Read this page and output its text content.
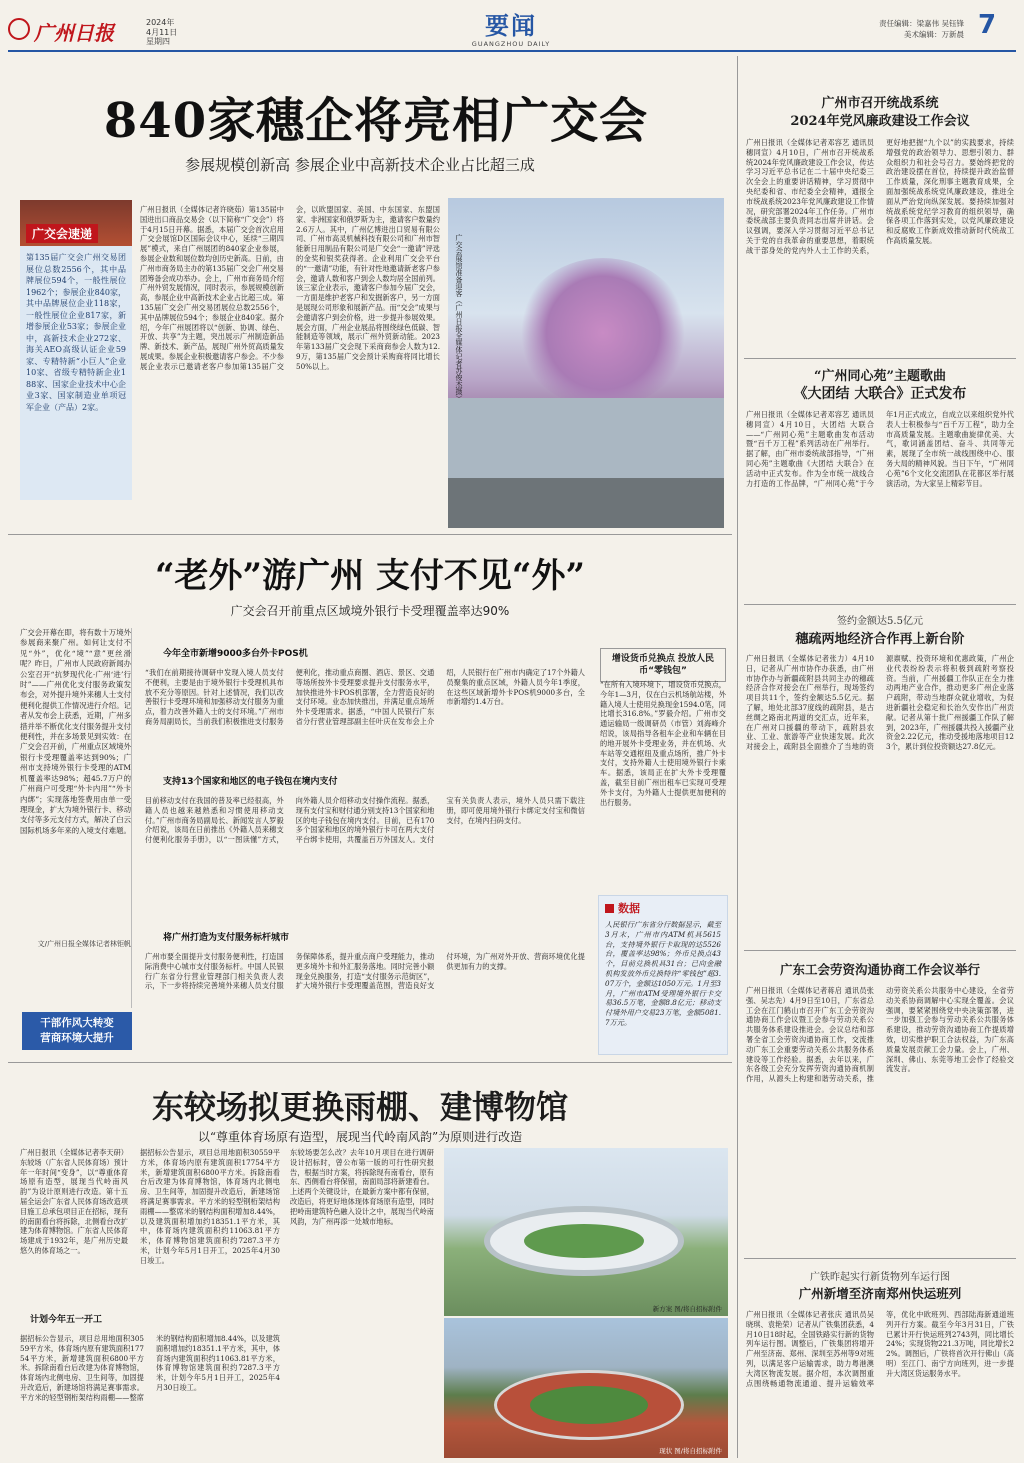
广州日报	2024年
4月11日
星期四
要闻
GUANGZHOU DAILY
责任编辑：梁嘉伟 吴钰锋
美术编辑：万新晨 7
840家穗企将亮相广交会
参展规模创新高 参展企业中高新技术企业占比超三成
广交会速递
第135届广交会广州交易团展位总数2556个，其中品牌展位594个，一般性展位1962个；参展企业840家，其中品牌展位企业118家，一般性展位企业817家，新增参展企业53家；参展企业中，高新技术企业272家、海关AEO高级认证企业59家、专精特新“小巨人”企业10家、省级专精特新企业188家、国家企业技术中心企业3家、国家制造业单项冠军企业（产品）2家。
广州日报讯（全媒体记者许晓茹）第135届中国进出口商品交易会（以下简称“广交会”）将于4月15日开幕。据悉，本届广交会首次启用广交会展馆D区国际会议中心，延续“三期四展”模式，来自广州展团的840家企业参展，参展企业数和展位数均创历史新高。日前，由广州市商务局主办的第135届广交会广州交易团筹备会成功举办。会上，广州市商务局介绍广州外贸发展情况，同时表示，参展规模创新高，参展企业中高新技术企业占比超三成。第135届广交会广州交易团展位总数2556个，其中品牌展位594个；参展企业840家。据介绍，今年广州展团将以“创新、协调、绿色、开放、共享”为主题，突出展示广州制造新品牌、新技术、新产品，展现广州外贸高质量发展成果。参展企业积极邀请客户参会。不少参展企业表示已邀请老客户参加第135届广交会，以欧盟国家、美国、中东国家、东盟国家、非洲国家和俄罗斯为主，邀请客户数量约2.6万人。其中，广州亿博进出口贸易有限公司、广州市高灵机械科技有限公司和广州市智能新日用制品有限公司是广交会“一邀请”评选的金奖和银奖获得者。企业利用广交会平台的“一邀请”功能，有针对性地邀请新老客户参会，邀请人数和客户到会人数均居全国前列。该三家企业表示，邀请客户参加今届广交会，一方面是维护老客户和发掘新客户，另一方面是展现公司形象和展新产品。而“交会”成果与会邀请客户到会价格，进一步提升参展效果。展会方面，广州企业展品将围绕绿色低碳、智能制造等领域，展示广州外贸新动能。2023年第133届广交会现下采商商参会人数为12.9万，第135届广交会预计采购商将同比增长50%以上。	广交会展馆准备迎客（广州日报全媒体记者苏俊杰摄）
“老外”游广州 支付不见“外”
广交会召开前重点区域境外银行卡受理覆盖率达90%
广交会开幕在即，将有数十万境外参展商来聚广州。如何让支付不见“外”，优化“境”“意”更丝滑呢？昨日，广州市人民政府新闻办公室召开“抗梦现代化·广州‘进’行时”——广州优化支付服务政策发布会，对外提升境外来穗人士支付便利化提供工作情况进行介绍。记者从发布会上获悉，近期，广州多措并举不断优化支付服务提升支付便利性，并在多场景见到实效：在广交会召开前，广州重点区域境外银行卡受理覆盖率达到90%；广州市支持境外银行卡受理的ATM机覆盖率达98%；超45.7万户的广州商户可受理“外卡内用”“外卡内绑”；实现落地签费用由单一受理现金，扩大为境外银行卡、移动支付等多元支付方式，解决了白云国际机场多年来的入境支付难题。
文/广州日报全媒体记者林钜帆
干部作风大转变
营商环境大提升
今年全市新增9000多台外卡POS机
“我们在前期接待调研中发现入境人员支付不便利，主要是由于境外银行卡受理机具布放不充分等原因。针对上述情况，我们以改善银行卡受理环境和加强移动支付服务为重点，着力改善外籍人士的支付环境。”广州市商务局副局长，当前我们积极推进支付服务便利化，推动重点商圈、酒店、景区、交通等场所按外卡受理要求提升支付服务水平，加快推进外卡POS机部署，全力营造良好的支付环境。业态加快推出，并满足重点场所外卡受理需求。据悉，“中国人民银行广东省分行营业管理部副主任叶庆在发布会上介绍，人民银行在广州市内确定了17个外籍人员聚集的重点区域，外籍人员今年1季度，在这些区域新增外卡POS机9000多台，全市新增约1.4万台。
支持13个国家和地区的电子钱包在境内支付
目前移动支付在我国的普及率已经很高，外籍人员也越来越熟悉和习惯使用移动支付。”广州市商务局副局长、新闻发言人罗毅介绍说，该局在日前推出《外籍人员来穗支付便利化服务手册》，以“一图读懂”方式，向外籍人员介绍移动支付操作流程。据悉，现有支付宝和财付通分别支持13个国家和地区的电子钱包在境内支付。目前，已有170多个国家和地区的境外银行卡可在两大支付平台绑卡使用，共覆盖百万外国友人。支付宝有关负责人表示，境外人员只需下载注册，即可使用境外银行卡绑定支付宝和微信支付，在境内扫码支付。
将广州打造为支付服务标杆城市
广州市要全面提升支付服务便利性，打造国际消费中心城市支付服务标杆。中国人民银行广东省分行营业管理部门相关负责人表示，下一步将持续完善境外来穗人员支付服务保障体系，提升重点商户受理能力，推动更多境外卡和外汇服务落地。同时完善小额现金兑换服务，打造“支付服务示范街区”，扩大境外银行卡受理覆盖范围，营造良好支付环境，为广州对外开放、营商环境优化提供更加有力的支撑。
增设货币兑换点 投放人民币“零钱包”
“在所有入境环境下，增设货币兑换点，今年1—3月，仅在白云机场航站楼，外籍入境人士使用兑换现金1594.0笔，同比增长316.8%。”罗毅介绍。广州市交通运输局一级调研员（市管）刘海峰介绍说，该局指导各租车企业和车辆在目的地开展外卡受理业务，并在机场、火车站等交通枢纽及重点场所，推广外卡支付，支持外籍人士使用境外银行卡乘车。据悉，该局正在扩大外卡受理覆盖，截至目前广州出租车已实现可受理外卡支付，为外籍人士提供更加便利的出行服务。
数据
人民银行广东省分行数据显示，截至3月末，广州市内ATM机具5615台，支持境外银行卡取现的达5526台，覆盖率达98%；外币兑换点43个，目前兑换机具31台；已向金融机构发放外币兑换特许“零钱包”超3.07万个，金额达1050万元。1月至3月，广州市ATM受理境外银行卡交易36.5万笔，金额8.8亿元；移动支付境外用户交易23万笔，金额5081.7万元。
广州市召开统战系统
2024年党风廉政建设工作会议
广州日报讯（全媒体记者邓容艺 通讯员穗同宣）4月10日，广州市召开统战系统2024年党风廉政建设工作会议，传达学习习近平总书记在二十届中央纪委三次全会上的重要讲话精神，学习贯彻中央纪委和省、市纪委全会精神，通报全市统战系统2023年党风廉政建设工作情况，研究部署2024年工作任务。广州市委统战部主要负责同志出席并讲话。会议强调，要深入学习贯彻习近平总书记关于党的自我革命的重要思想，着眼统战干部身处的党内外人士工作的关系，更好地把握“九个以”的实践要求，持续增强党的政治领导力、思想引领力、群众组织力和社会号召力。要始终把党的政治建设摆在首位，持续提升政治监督工作质量，深化刑事主题教育成果，全面加强统战系统党风廉政建设，推进全面从严治党向纵深发展。要持续加强对统战系统党纪学习教育的组织领导，确保各项工作落到实处，以党风廉政建设和反腐败工作新成效推动新时代统战工作高质量发展。
“广州同心苑”主题歌曲
《大团结 大联合》正式发布
广州日报讯（全媒体记者邓容艺 通讯员穗同宣）4月10日，大团结 大联合——“广州同心苑”主题歌曲发布活动暨“百千万工程”系列活动在广州举行。据了解，由广州市委统战部指导，“广州同心苑”主题歌曲《大团结 大联合》在活动中正式发布。作为全市统一战线合力打造的工作品牌，“广州同心苑”于今年1月正式成立，自成立以来组织党外代表人士积极参与“百千万工程”，助力全市高质量发展。主题歌曲旋律优美、大气，歌词涵盖团结、奋斗、共同等元素，展现了全市统一战线围绕中心、服务大局的精神风貌。当日下午，“广州同心苑”6个文化交流团队在花都区举行展演活动，为大家呈上精彩节目。
签约金额达5.5亿元
穗疏两地经济合作再上新台阶
广州日报讯（全媒体记者张力）4月10日，记者从广州市协作办获悉，由广州市协作办与新疆疏附县共同主办的穗疏经济合作对接会在广州举行，现场签约项目共11个，签约金额达5.5亿元。据了解，地处北部37度线的疏附县，是古丝绸之路南北两道的交汇点，近年来，在广州对口援疆的带动下，疏附县农业、工业、旅游等产业快速发展。此次对接会上，疏附县全面推介了当地的资源禀赋、投资环境和优惠政策，广州企业代表纷纷表示将积极到疏附考察投资。当前，广州援疆工作队正在全力推动两地产业合作，推动更多广州企业落户疏附，带动当地群众就业增收，为促进新疆社会稳定和长治久安作出广州贡献。记者从第十批广州援疆工作队了解到，2023年，广州援疆共投入援疆产业资金2.22亿元，推动受援地落地项目123个，累计到位投资额达27.8亿元。
广东工会劳资沟通协商工作会议举行
广州日报讯（全媒体记者蒋启 通讯员张强、吴志先）4月9日至10日，广东省总工会在江门鹤山市召开广东工会劳资沟通协商工作会议暨工会参与劳动关系公共服务体系建设推进会。会议总结和部署全省工会劳资沟通协商工作，交流推动广东工会重要劳动关系公共服务体系建设等工作经验。据悉，去年以来，广东各级工会充分发挥劳资沟通协商机制作用，从源头上构建和谐劳动关系，推动劳资关系公共服务中心建设，全省劳动关系协商调解中心实现全覆盖。会议强调，要紧紧围绕党中央决策部署，进一步加强工会参与劳动关系公共服务体系建设，推动劳资沟通协商工作提质增效，切实维护职工合法权益，为广东高质量发展贡献工会力量。会上，广州、深圳、佛山、东莞等地工会作了经验交流发言。
广铁昨起实行新货物列车运行图
广州新增至济南郑州快运班列
广州日报讯（全媒体记者张庆 通讯员吴晓琪、袁艳荣）记者从广铁集团获悉，4月10日18时起，全国铁路实行新的货物列车运行图。调整后，广铁集团将增开广州至济南、郑州、深圳至苏州等9对班列，以满足客户运输需求，助力粤港澳大湾区物流发展。据介绍，本次调图重点围绕畅通物流通道、提升运输效率等，优化中欧班列、西部陆海新通道班列开行方案。截至今年3月31日，广铁已累计开行快运班列2743列，同比增长24%；实现货物221.3万吨，同比增长22%。调图后，广铁将首次开行佛山（高明）至江门、南宁方向班列，进一步提升大湾区货运服务水平。
东较场拟更换雨棚、建博物馆
以“尊重体育场原有造型，展现当代岭南风韵”为原则进行改造
广州日报讯（全媒体记者李天研）东较场（广东省人民体育场）预计年一年时间“变身”，以“尊重体育场原有造型，展现当代岭南风韵”为设计原则进行改造。第十五届全运会广东省人民体育场改造项目施工总承包项目正在招标，现有的南面看台将拆除，北侧看台改扩建为体育博物馆。广东省人民体育场建成于1932年，是广州历史最悠久的体育场之一。
计划今年五一开工
据招标公告显示，项目总用地面积30559平方米，体育场内原有建筑面积17754平方米，新增建筑面积6800平方米。拆除南看台后改建为体育博物馆，体育场内北侧电房、卫生间等，加固提升改造后，新建场馆将满足赛事需求。平方米的轻型钢桁架结构雨棚——整席米的钢结构面积增加8.44%，以及建筑面积增加约18351.1平方米，其中，体育场内建筑面积约11063.81平方米，体育博物馆建筑面积约7287.3平方米，计划今年5月1日开工，2025年4月30日竣工。
据招标公告显示，项目总用地面积30559平方米，体育场内原有建筑面积17754平方米，新增建筑面积6800平方米。拆除南看台后改建为体育博物馆，体育场内北侧电房、卫生间等，加固提升改造后，新建场馆将满足赛事需求。平方米的轻型钢桁架结构雨棚——整席米的钢结构面积增加8.44%，以及建筑面积增加约18351.1平方米，其中，体育场内建筑面积约11063.81平方米，体育博物馆建筑面积约7287.3平方米，计划今年5月1日开工，2025年4月30日竣工。
东较场要怎么改？去年10月项目在进行调研设计招标时，曾公布第一版的可行性研究报告，根据当时方案，将拆除现有南看台，原有东、西侧看台将保留，南面局部将新建看台。上述两个关键设计，在最新方案中都有保留，改造后，将更好地体现体育场原有造型，同时把岭南建筑特色融入设计之中，展现当代岭南风韵，为广州再添一处城市地标。
新方案 图/将自招标附件
现状 图/将自招标附件
